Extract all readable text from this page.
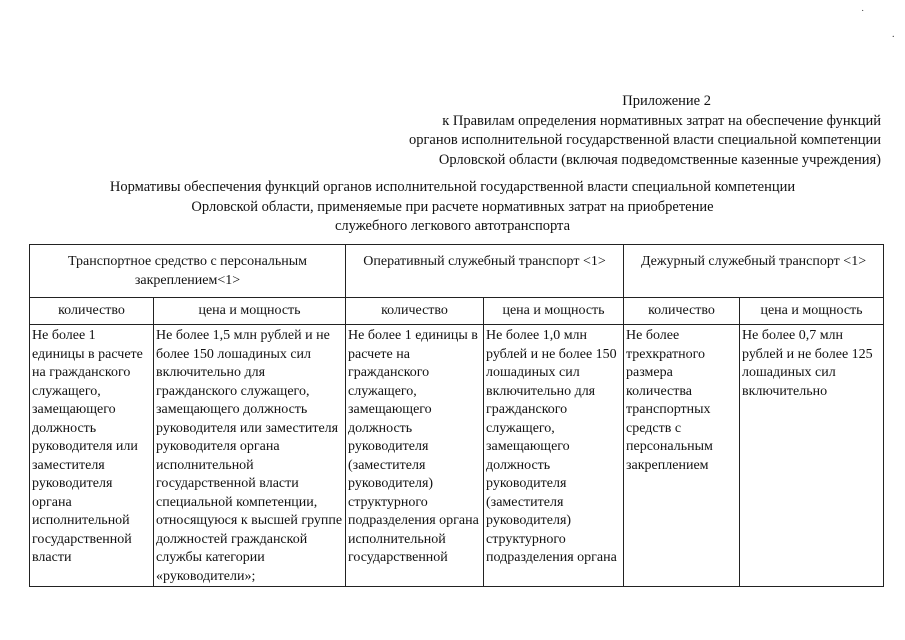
˙
.
Приложение 2
к Правилам определения нормативных затрат на обеспечение функций
органов исполнительной государственной власти специальной компетенции
Орловской области (включая подведомственные казенные учреждения)
Нормативы обеспечения функций органов исполнительной государственной власти специальной компетенции
Орловской области, применяемые при расчете нормативных затрат на приобретение
служебного легкового автотранспорта
Транспортное средство с персональным закреплением<1>		Оперативный служебный транспорт <1>		Дежурный служебный транспорт <1>	
количество	цена и мощность	количество	цена и мощность	количество	цена и мощность
Не более 1 единицы в расчете на гражданского служащего, замещающего должность руководителя или заместителя руководителя органа исполнительной государственной власти	Не более 1,5 млн рублей и не более 150 лошадиных сил включительно для гражданского служащего, замещающего должность руководителя или заместителя руководителя органа исполнительной государственной власти специальной компетенции, относящуюся к высшей группе должностей гражданской службы категории «руководители»;	Не более 1 единицы в расчете на гражданского служащего, замещающего должность руководителя (заместителя руководителя) структурного подразделения органа исполнительной государственной	Не более 1,0 млн рублей и не более 150 лошадиных сил включительно для гражданского служащего, замещающего должность руководителя (заместителя руководителя) структурного подразделения органа	Не более трехкратного размера количества транспортных средств с персональным закреплением	Не более 0,7 млн рублей и не более 125 лошадиных сил включительно
